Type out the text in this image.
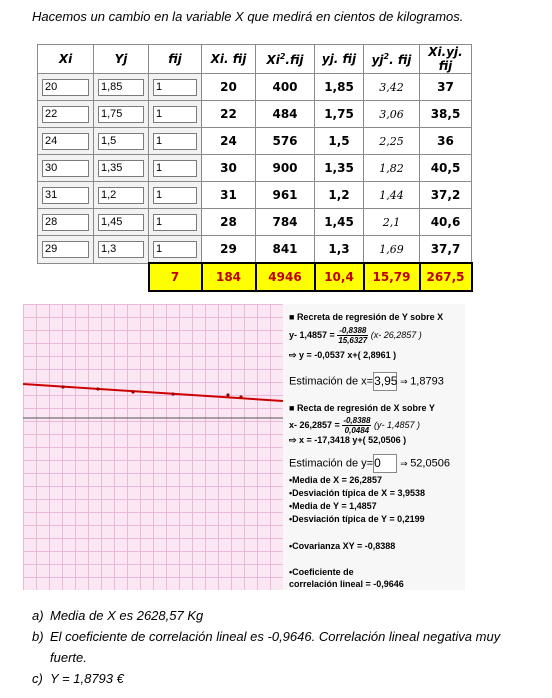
Hacemos un cambio en la variable X que medirá en cientos de kilogramos.
Xi	Yj	fij	Xi. fij	Xi$^2$.fij	yj. fij	$yj^2$. fij	Xi.yj. fij

20	1,85	1	20	400	1,85	3,42	37

22	1,75	1	22	484	1,75	3,06	38,5

24	1,5	1	24	576	1,5	2,25	36

30	1,35	1	30	900	1,35	1,82	40,5

31	1,2	1	31	961	1,2	1,44	37,2

28	1,45	1	28	784	1,45	2,1	40,6

29	1,3	1	29	841	1,3	1,69	37,7
		7	184	4946	10,4	15,79	267,5
■ Recreta de regresión de Y sobre X
y- $1,4857 = \frac{-0,8388}{15,6327} (x-$ 26,2857 )
⇨ y = -0,0537 x+( 2,8961 )
Estimación de x=3,95 ⇒ 1,8793
■ Recta de regresión de X sobre Y
x- $26,2857 = \frac{-0,8388}{0,0484} (y-$ 1,4857 )
⇨ x = -17,3418 y+( 52,0506 )
Estimación de y=0 ⇒ 52,0506
•Media de X = 26,2857
•Desviación típica de X = 3,9538
•Media de Y = 1,4857
•Desviación típica de Y = 0,2199
•Covarianza XY = -0,8388
•Coeficiente de
correlación lineal = -0,9646
a) Media de X es 2628,57 Kg
b) El coeficiente de correlación lineal es -0,9646. Correlación lineal negativa muy
fuerte.
c) Y = 1,8793 €
